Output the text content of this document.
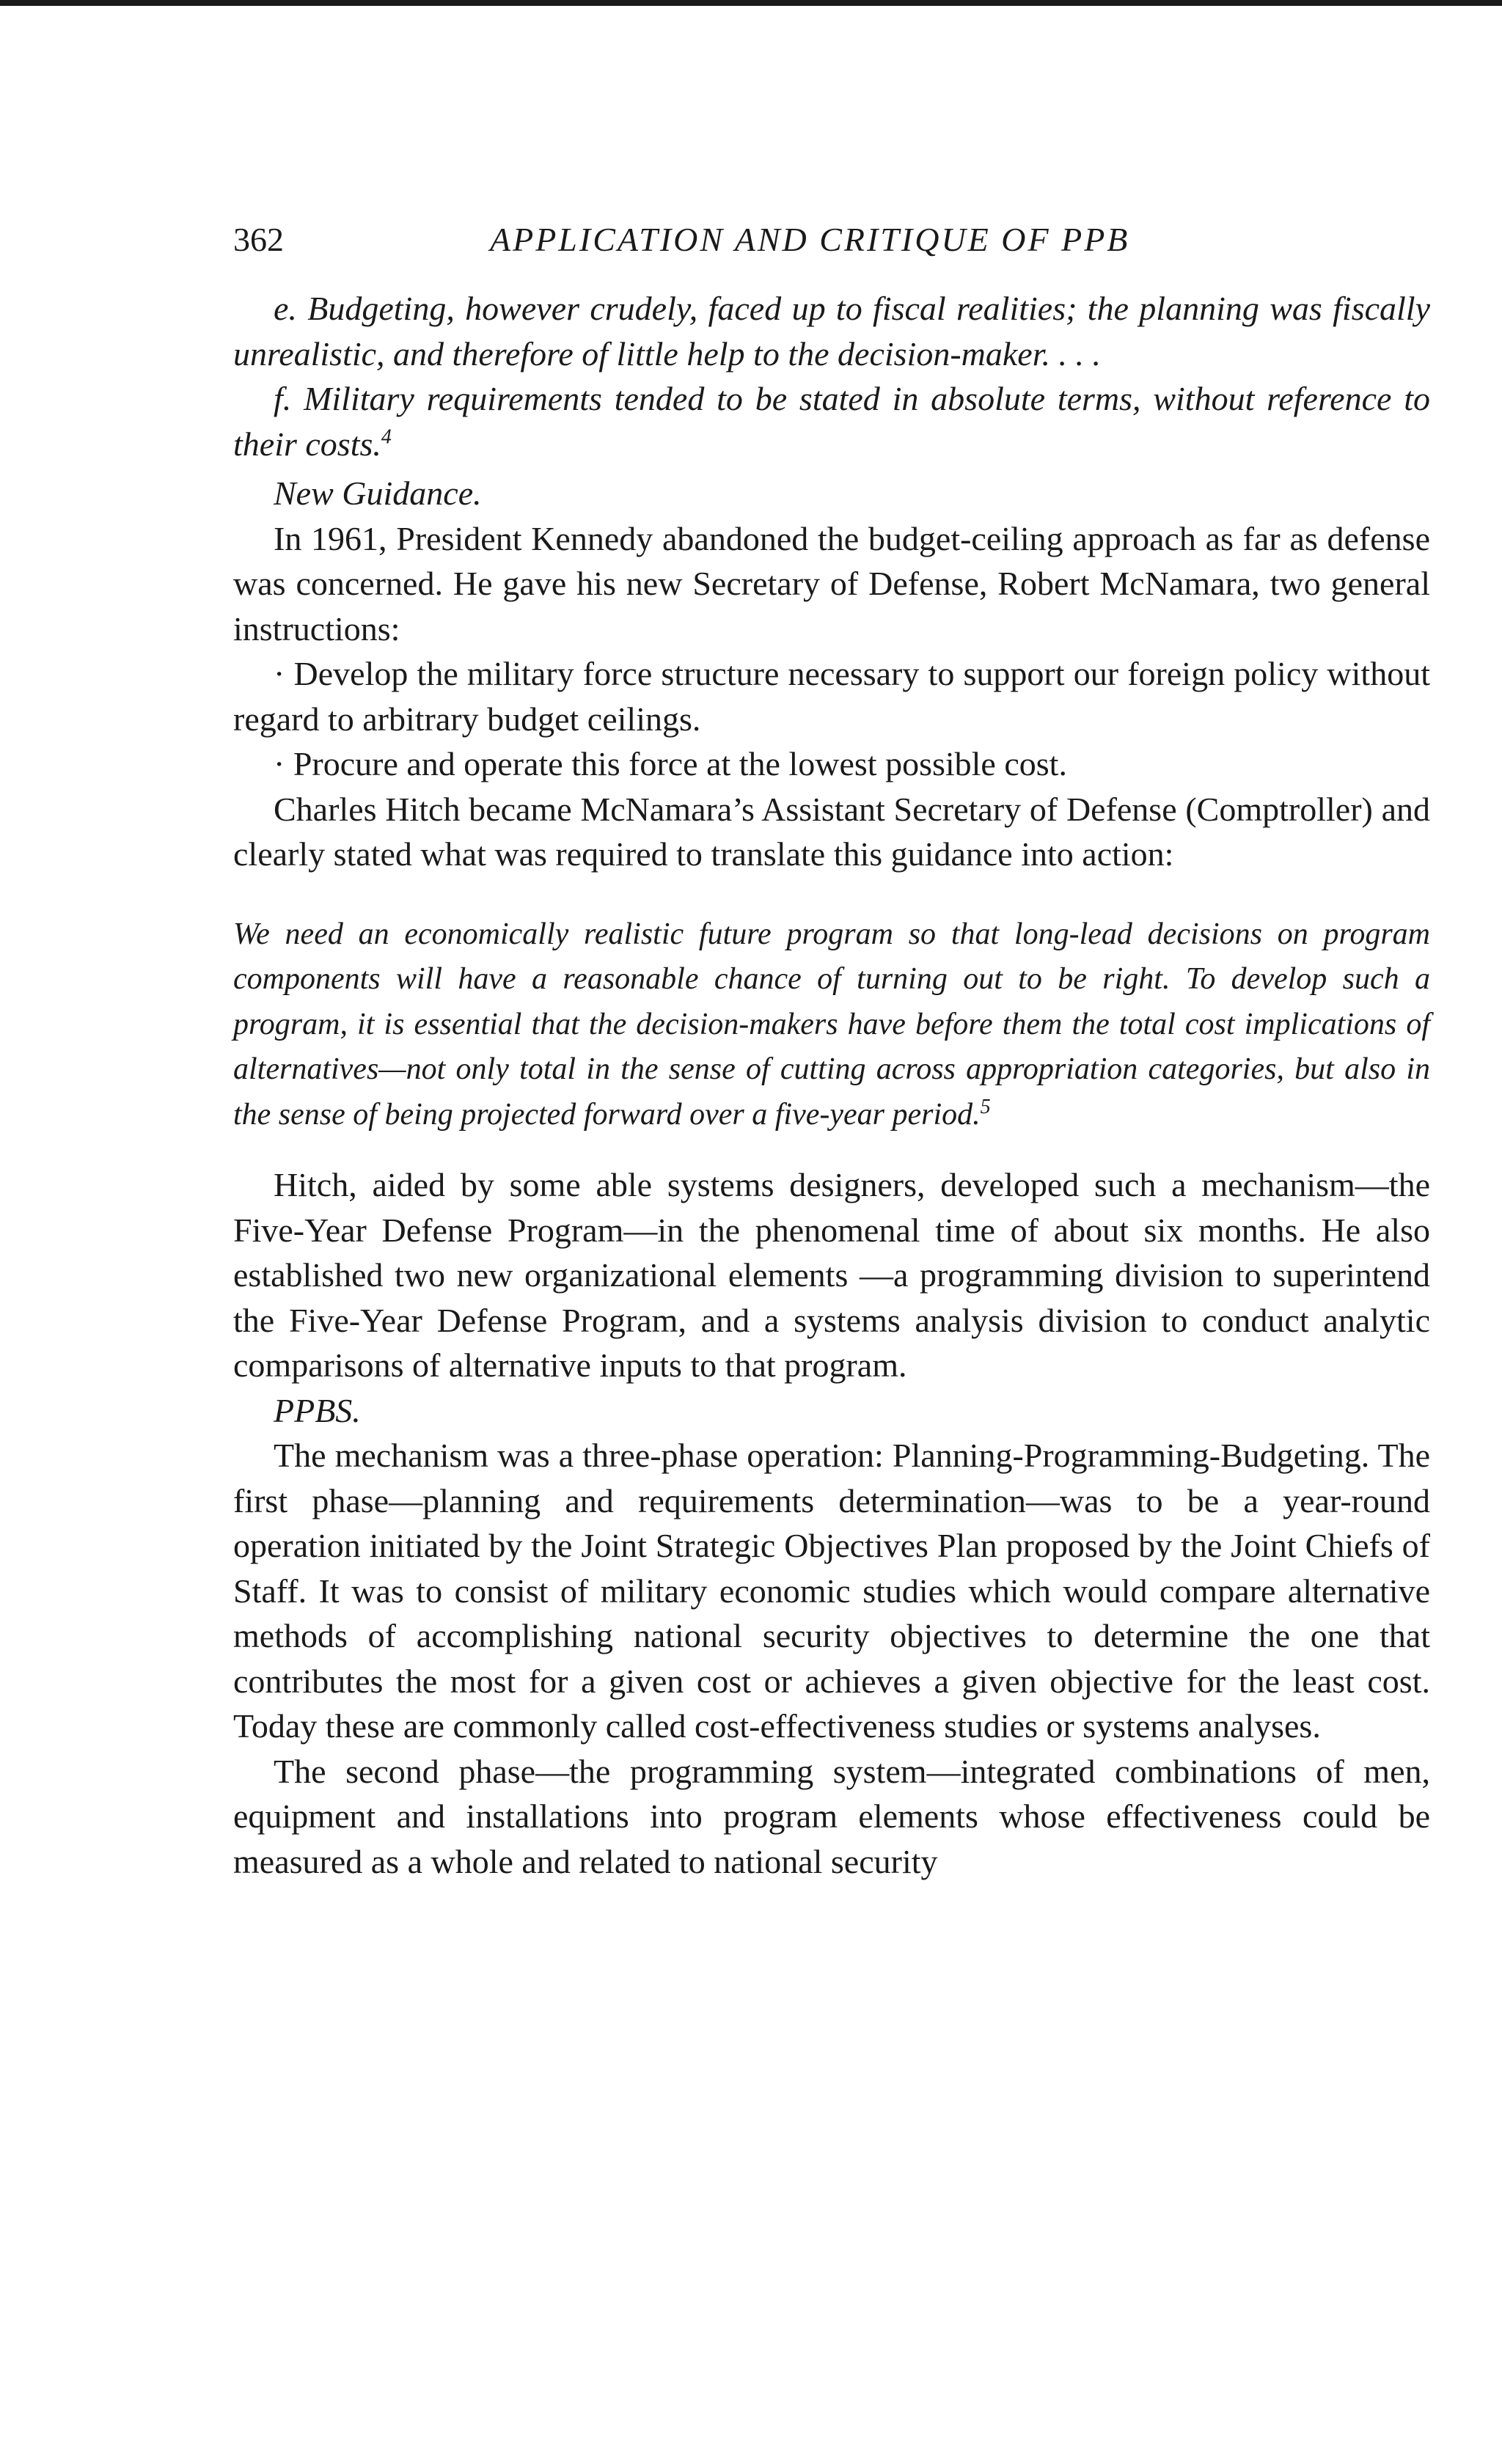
362	APPLICATION AND CRITIQUE OF PPB

e. Budgeting, however crudely, faced up to fiscal realities; the planning was fiscally unrealistic, and therefore of little help to the decision-maker. . . .

f. Military requirements tended to be stated in absolute terms, without reference to their costs.$^4$

New Guidance.

In 1961, President Kennedy abandoned the budget-ceiling approach as far as defense was concerned. He gave his new Secretary of Defense, Robert McNamara, two general instructions:

· Develop the military force structure necessary to support our foreign policy without regard to arbitrary budget ceilings.

· Procure and operate this force at the lowest possible cost.

Charles Hitch became McNamara’s Assistant Secretary of Defense (Comptroller) and clearly stated what was required to translate this guidance into action:

We need an economically realistic future program so that long-lead decisions on program components will have a reasonable chance of turning out to be right. To develop such a program, it is essential that the decision-makers have before them the total cost implications of alternatives—not only total in the sense of cutting across appropriation categories, but also in the sense of being projected forward over a five-year period.$^5$

Hitch, aided by some able systems designers, developed such a mechanism—the Five-Year Defense Program—in the phenomenal time of about six months. He also established two new organizational elements —a programming division to superintend the Five-Year Defense Program, and a systems analysis division to conduct analytic comparisons of alternative inputs to that program.

PPBS.

The mechanism was a three-phase operation: Planning-Programming-Budgeting. The first phase—planning and requirements determination—was to be a year-round operation initiated by the Joint Strategic Objectives Plan proposed by the Joint Chiefs of Staff. It was to consist of military economic studies which would compare alternative methods of accomplishing national security objectives to determine the one that contributes the most for a given cost or achieves a given objective for the least cost. Today these are commonly called cost-effectiveness studies or systems analyses.

The second phase—the programming system—integrated combinations of men, equipment and installations into program elements whose effectiveness could be measured as a whole and related to national security
